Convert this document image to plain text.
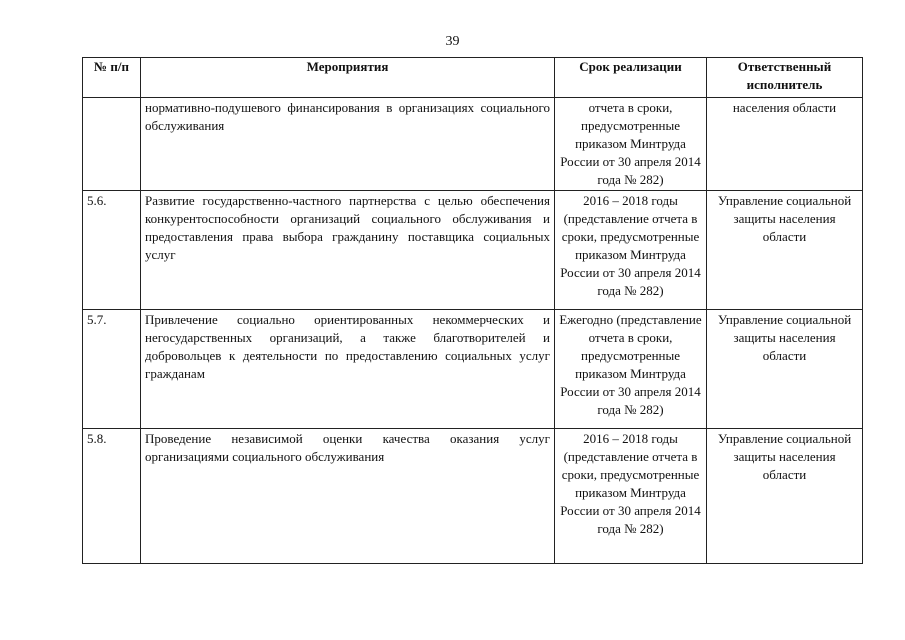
39
№ п/п	Мероприятия	Срок реализации	Ответственный исполнитель
	нормативно-подушевого финансирования в организациях социального обслуживания	отчета в сроки, предусмотренные приказом Минтруда России от 30 апреля 2014 года № 282)	населения области
5.6.	Развитие государственно-частного партнерства с целью обеспечения конкурентоспособности организаций социального обслуживания и предоставления права выбора гражданину поставщика социальных услуг	2016 – 2018 годы (представление отчета в сроки, предусмотренные приказом Минтруда России от 30 апреля 2014 года № 282)	Управление социальной защиты населения области
5.7.	Привлечение социально ориентированных некоммерческих и негосударственных организаций, а также благотворителей и добровольцев к деятельности по предоставлению социальных услуг гражданам	Ежегодно (представление отчета в сроки, предусмотренные приказом Минтруда России от 30 апреля 2014 года № 282)	Управление социальной защиты населения области
5.8.	Проведение независимой оценки качества оказания услуг организациями социального обслуживания	2016 – 2018 годы (представление отчета в сроки, предусмотренные приказом Минтруда России от 30 апреля 2014 года № 282)	Управление социальной защиты населения области
